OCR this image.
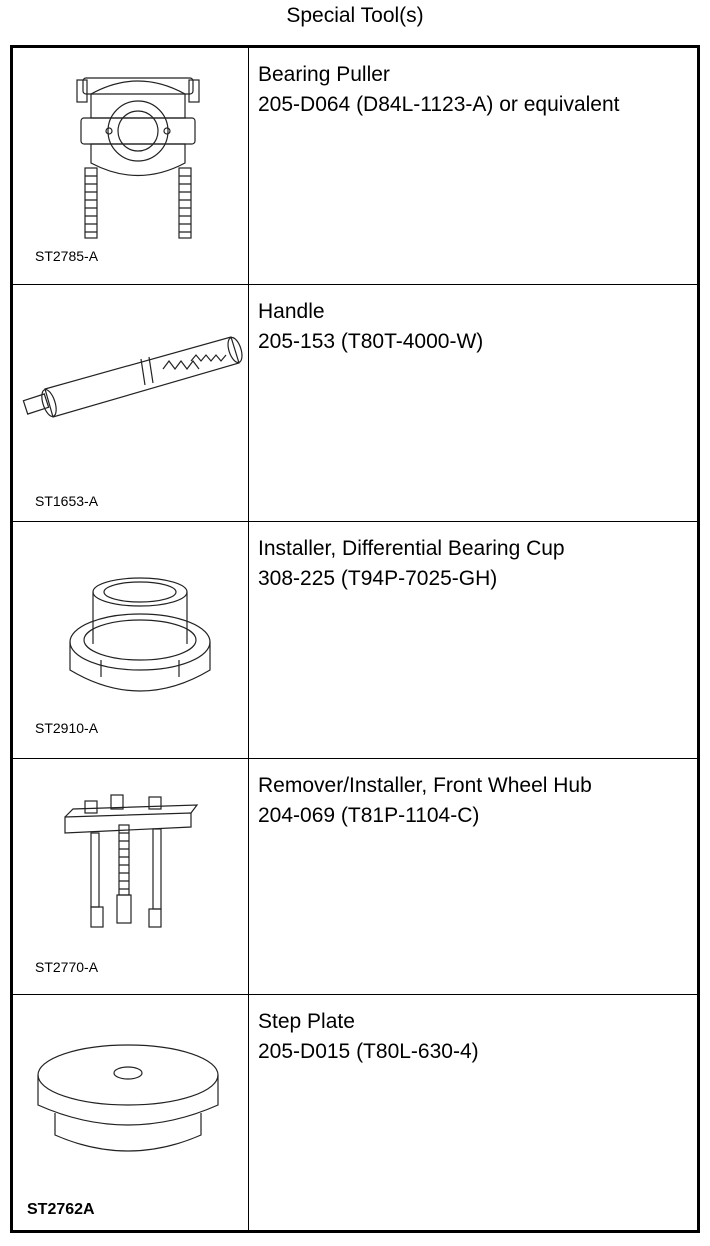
Special Tool(s)
ST2785-A
Bearing Puller
205-D064 (D84L-1123-A) or equivalent
ST1653-A
Handle
205-153 (T80T-4000-W)
ST2910-A
Installer, Differential Bearing Cup
308-225 (T94P-7025-GH)
ST2770-A
Remover/Installer, Front Wheel Hub
204-069 (T81P-1104-C)
ST2762A
Step Plate
205-D015 (T80L-630-4)
